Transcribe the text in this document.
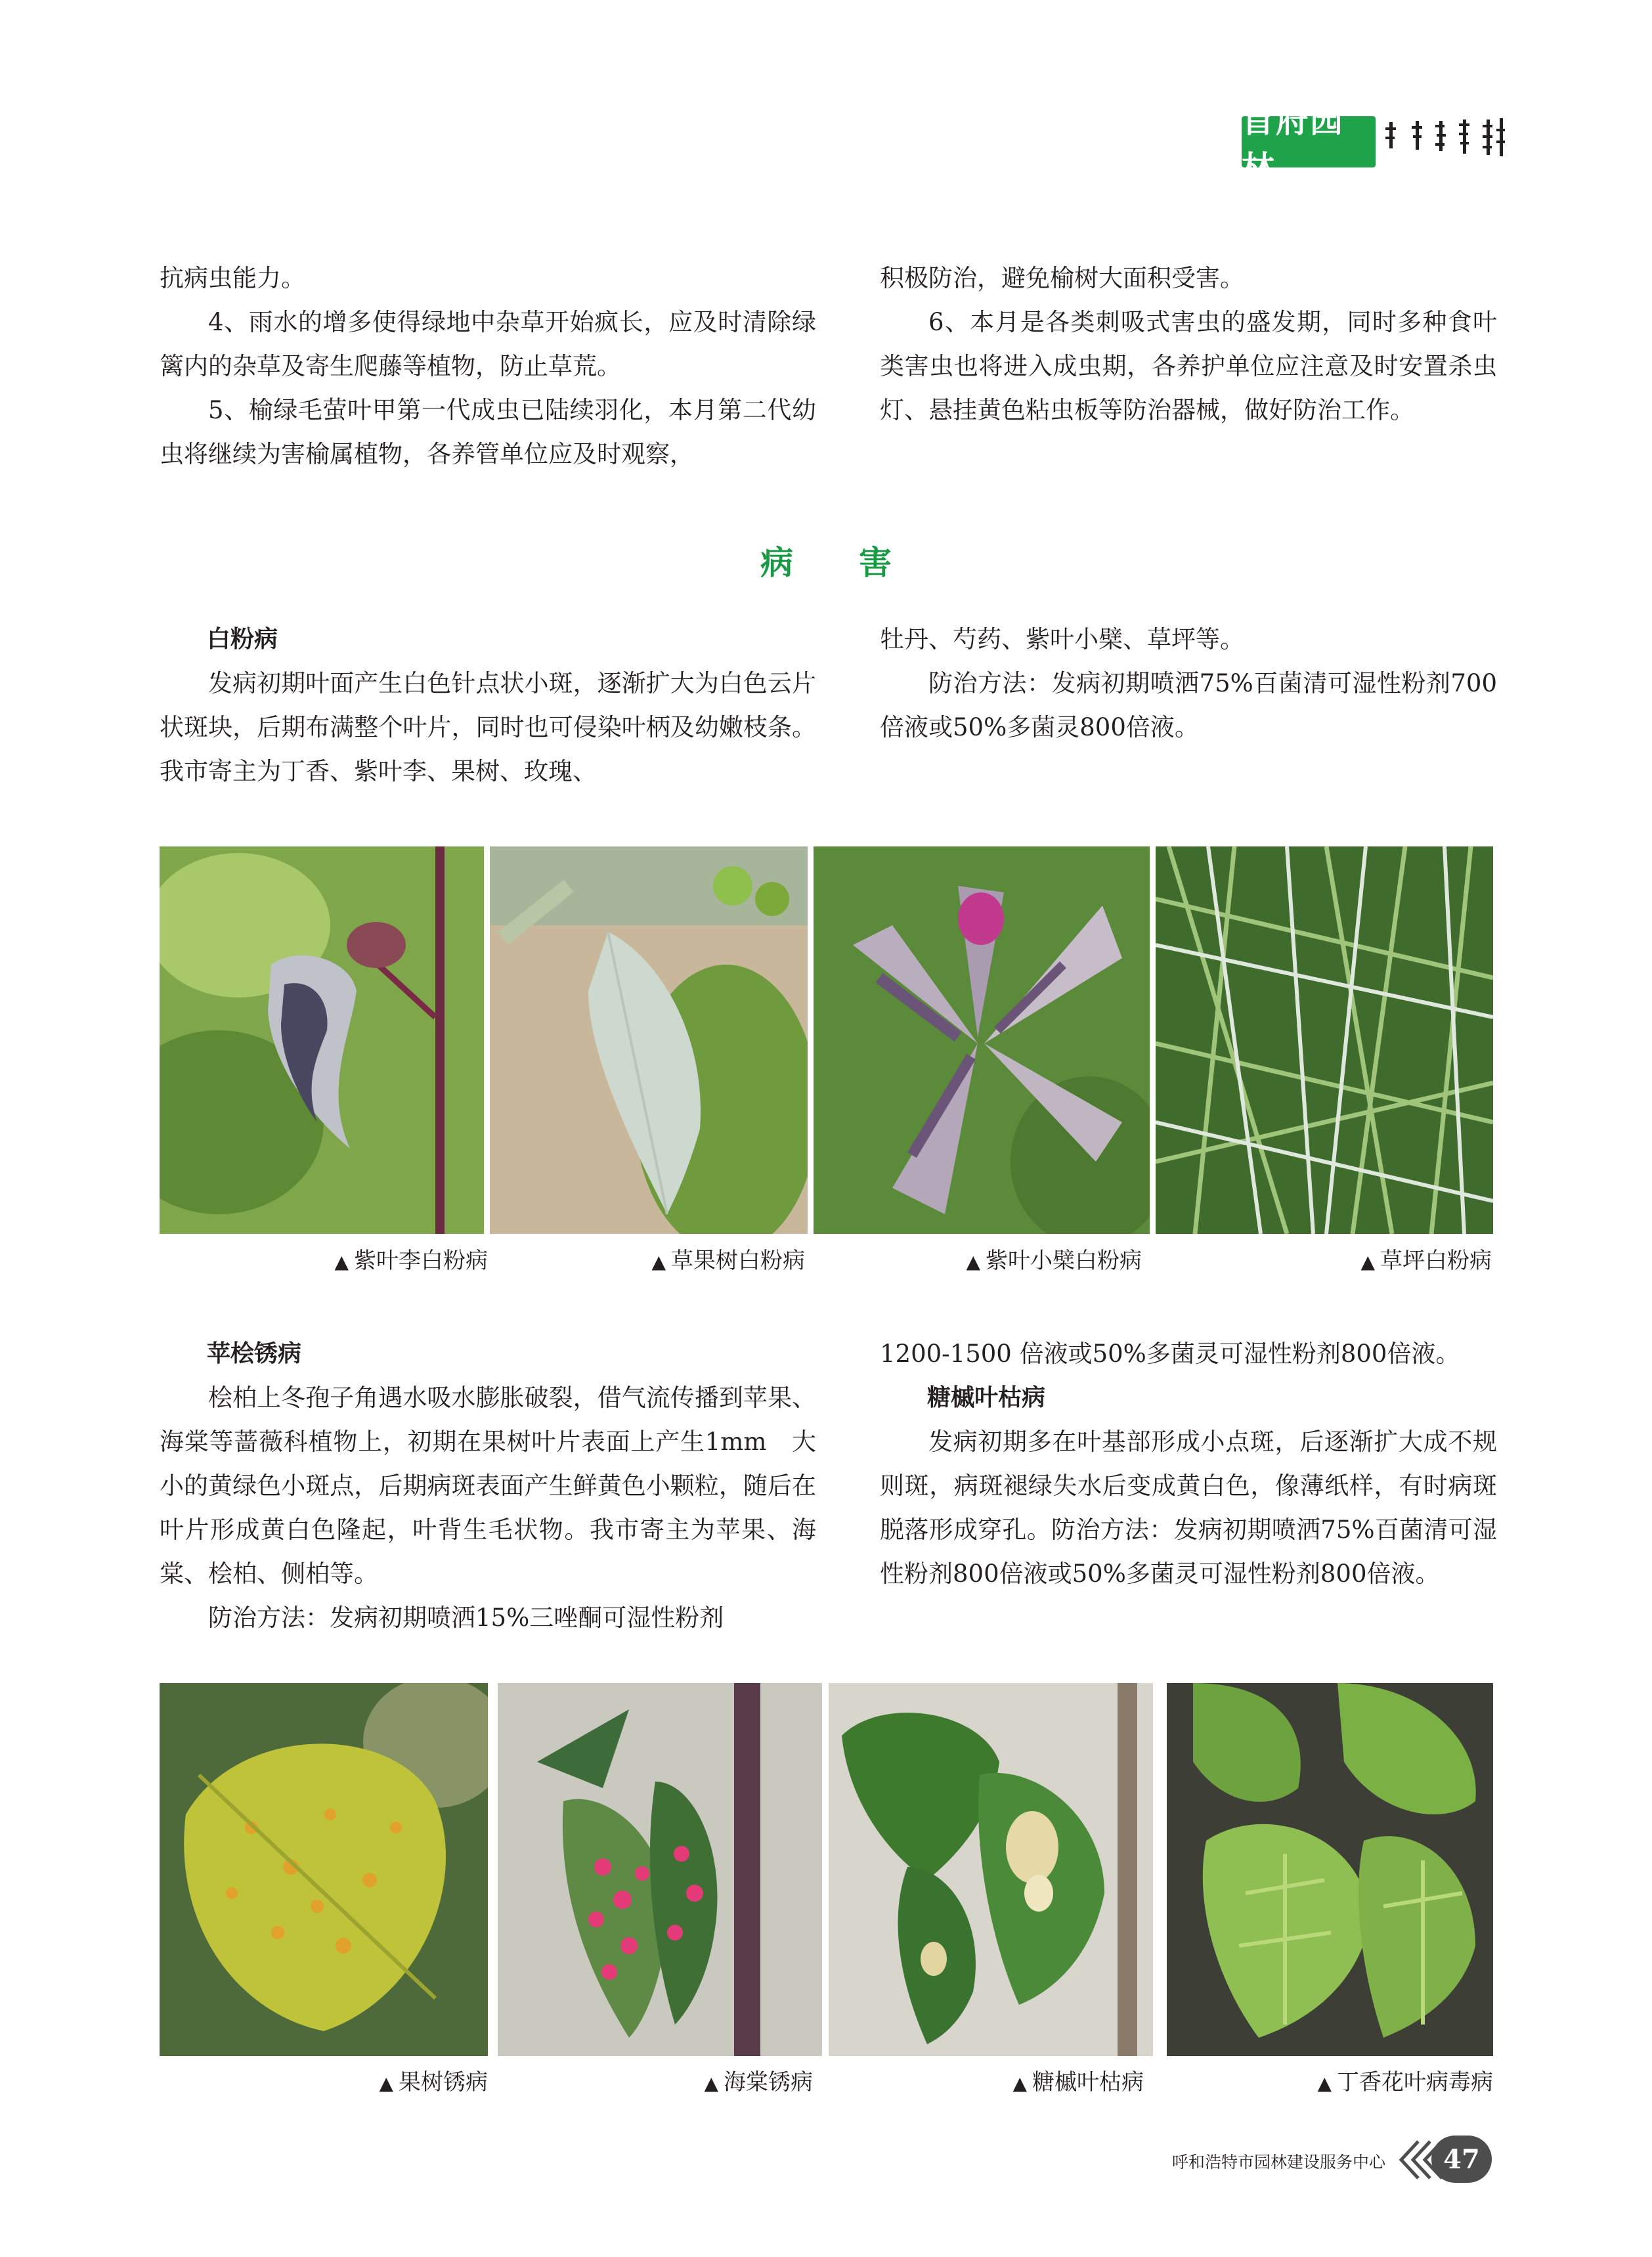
首府园林

抗病虫能力。

4、雨水的增多使得绿地中杂草开始疯长，应及时清除绿篱内的杂草及寄生爬藤等植物，防止草荒。

5、榆绿毛萤叶甲第一代成虫已陆续羽化，本月第二代幼虫将继续为害榆属植物，各养管单位应及时观察，

积极防治，避免榆树大面积受害。

6、本月是各类刺吸式害虫的盛发期，同时多种食叶类害虫也将进入成虫期，各养护单位应注意及时安置杀虫灯、悬挂黄色粘虫板等防治器械，做好防治工作。

病 害

白粉病

发病初期叶面产生白色针点状小斑，逐渐扩大为白色云片状斑块，后期布满整个叶片，同时也可侵染叶柄及幼嫩枝条。我市寄主为丁香、紫叶李、果树、玫瑰、

牡丹、芍药、紫叶小檗、草坪等。

防治方法：发病初期喷洒75%百菌清可湿性粉剂700倍液或50%多菌灵800倍液。

▲ 紫叶李白粉病	▲ 草果树白粉病	▲ 紫叶小檗白粉病	▲ 草坪白粉病

苹桧锈病

桧柏上冬孢子角遇水吸水膨胀破裂，借气流传播到苹果、海棠等蔷薇科植物上，初期在果树叶片表面上产生1mm　大小的黄绿色小斑点，后期病斑表面产生鲜黄色小颗粒，随后在叶片形成黄白色隆起，叶背生毛状物。我市寄主为苹果、海棠、桧柏、侧柏等。

防治方法：发病初期喷洒15%三唑酮可湿性粉剂

1200-1500 倍液或50%多菌灵可湿性粉剂800倍液。

糖槭叶枯病

发病初期多在叶基部形成小点斑，后逐渐扩大成不规则斑，病斑褪绿失水后变成黄白色，像薄纸样，有时病斑脱落形成穿孔。防治方法：发病初期喷洒75%百菌清可湿性粉剂800倍液或50%多菌灵可湿性粉剂800倍液。

▲ 果树锈病	▲ 海棠锈病	▲ 糖槭叶枯病	▲ 丁香花叶病毒病
呼和浩特市园林建设服务中心	47
